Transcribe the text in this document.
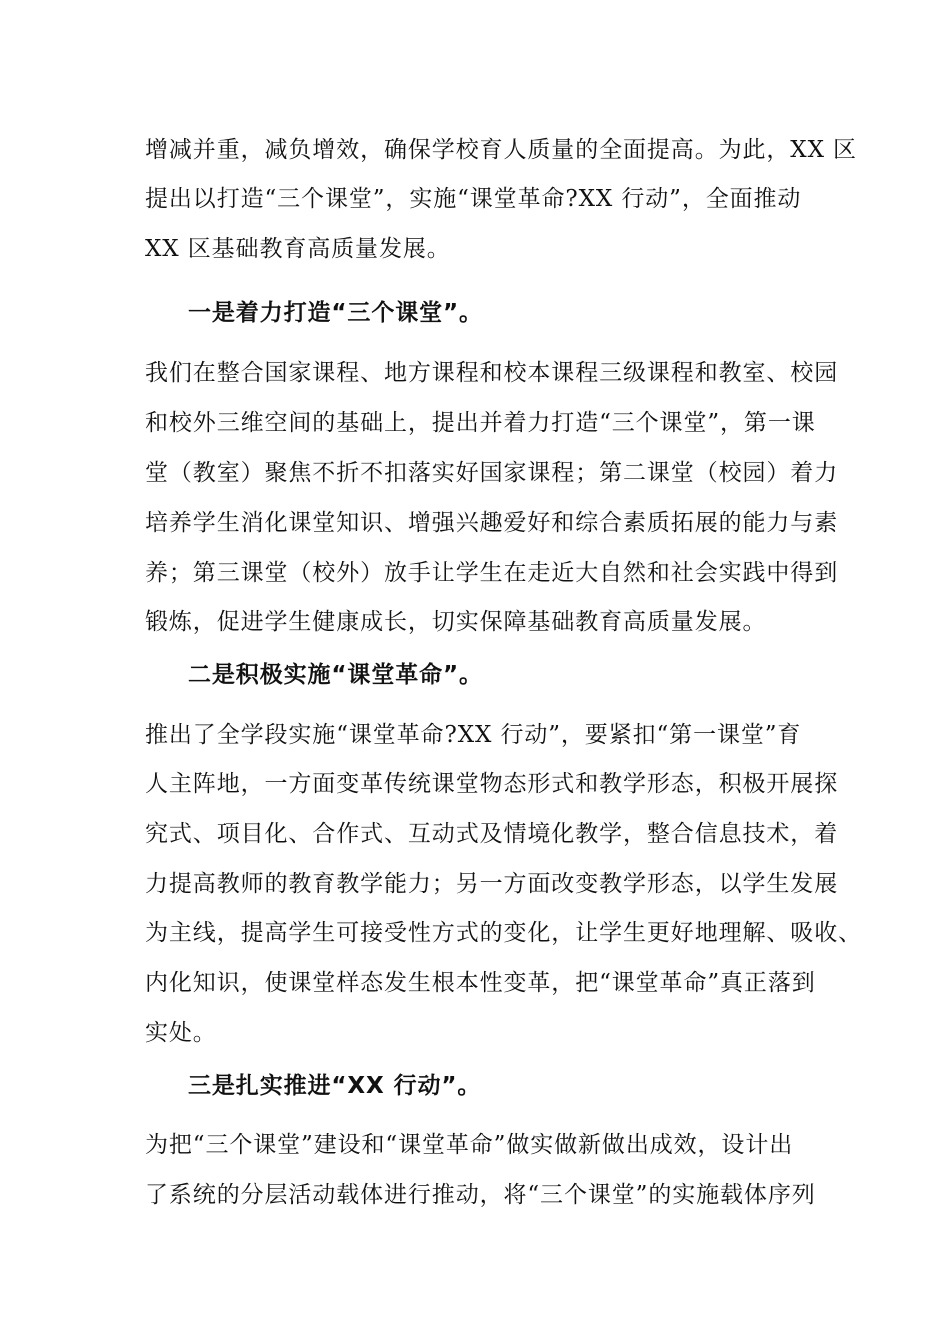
增减并重，减负增效，确保学校育人质量的全面提高。为此，XX 区
提出以打造“三个课堂”，实施“课堂革命?XX 行动”，全面推动
XX 区基础教育高质量发展。
一是着力打造“三个课堂”。
我们在整合国家课程、地方课程和校本课程三级课程和教室、校园
和校外三维空间的基础上，提出并着力打造“三个课堂”，第一课
堂（教室）聚焦不折不扣落实好国家课程；第二课堂（校园）着力
培养学生消化课堂知识、增强兴趣爱好和综合素质拓展的能力与素
养；第三课堂（校外）放手让学生在走近大自然和社会实践中得到
锻炼，促进学生健康成长，切实保障基础教育高质量发展。
二是积极实施“课堂革命”。
推出了全学段实施“课堂革命?XX 行动”，要紧扣“第一课堂”育
人主阵地，一方面变革传统课堂物态形式和教学形态，积极开展探
究式、项目化、合作式、互动式及情境化教学，整合信息技术，着
力提高教师的教育教学能力；另一方面改变教学形态，以学生发展
为主线，提高学生可接受性方式的变化，让学生更好地理解、吸收、
内化知识，使课堂样态发生根本性变革，把“课堂革命”真正落到
实处。
三是扎实推进“XX 行动”。
为把“三个课堂”建设和“课堂革命”做实做新做出成效，设计出
了系统的分层活动载体进行推动，将“三个课堂”的实施载体序列
